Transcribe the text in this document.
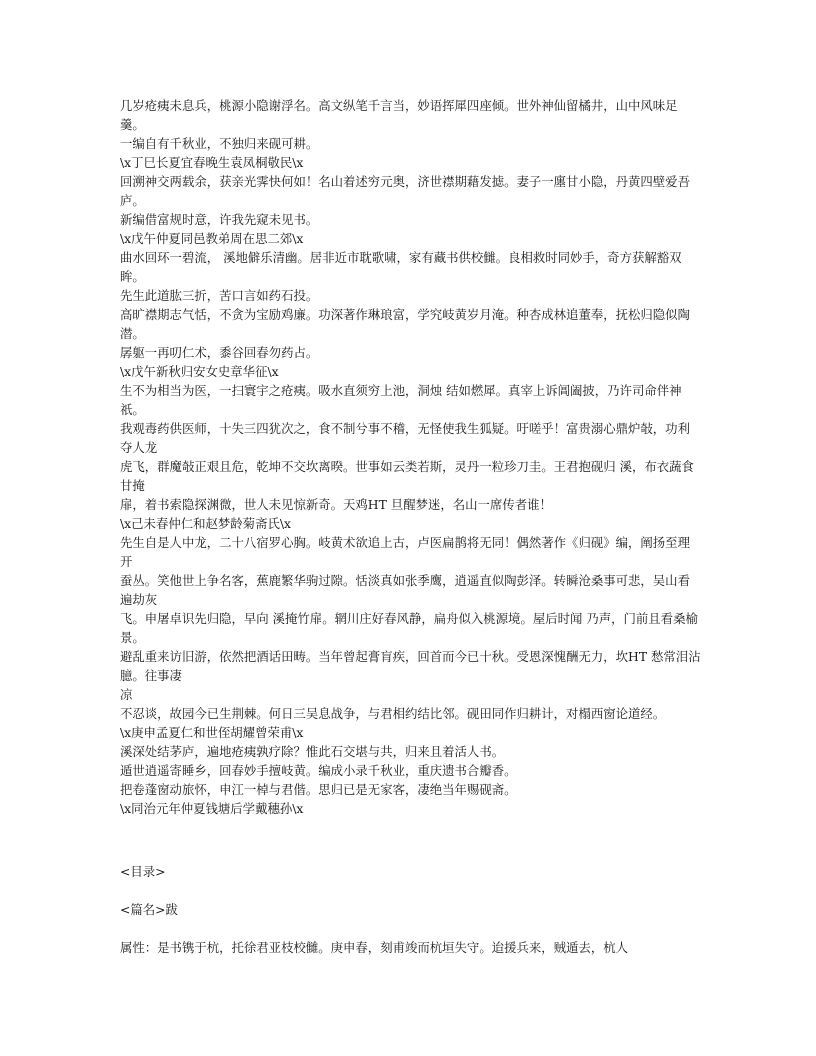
几岁疮痍未息兵，桃源小隐谢浮名。高文纵笔千言当，妙语挥犀四座倾。世外神仙留橘井，山中风味足 羹。

一编自有千秋业，不独归来砚可耕。

\x丁巳长夏宜春晚生袁凤桐敬民\x

回溯神交两载余，获亲光霁快何如！名山着述穷元奥，济世襟期藉发摅。妻子一廛甘小隐，丹黄四壁爱吾庐。

新编借富规时意，许我先窥未见书。

\x戊午仲夏同邑教弟周在思二郊\x

曲水回环一碧流， 溪地僻乐清幽。居非近市耽歌啸，家有藏书供校雠。良相救时同妙手，奇方获解豁双眸。

先生此道肱三折，苦口言如药石投。

高旷襟期志气恬，不贪为宝励鸡廉。功深著作琳琅富，学究岐黄岁月淹。种杏成林追董奉，抚松归隐似陶潜。

孱躯一再叨仁术，黍谷回春勿药占。

\x戊午新秋归安女史章华征\x

生不为相当为医，一扫寰宇之疮痍。吸水直须穷上池，洞烛 结如燃犀。真宰上诉阊阖披，乃许司命伴神祇。

我观毒药供医师，十失三四犹次之，食不制兮事不稽，无怪使我生狐疑。吁嗟乎！富贵溺心鼎炉敧，功利夺人龙

虎飞，群魔敧正艰且危，乾坤不交坎离暌。世事如云类若斯，灵丹一粒珍刀圭。王君抱砚归 溪，布衣蔬食甘掩

扉，着书索隐探渊微，世人未见惊新奇。天鸡HT 旦醒梦迷，名山一席传者谁！

\x己未春仲仁和赵梦龄菊斋氏\x

先生自是人中龙，二十八宿罗心胸。岐黄术欲追上古，卢医扁鹊将无同！偶然著作《归砚》编，阐扬至理开

蚕丛。笑他世上争名客，蕉鹿繁华驹过隙。恬淡真如张季鹰，逍遥直似陶彭泽。转瞬沧桑事可悲，吴山看遍劫灰

飞。申屠卓识先归隐，早向 溪掩竹扉。辋川庄好春风静，扁舟似入桃源境。屋后时闻 乃声，门前且看桑榆景。

避乱重来访旧游，依然把酒话田畴。当年曾起膏肓疾，回首而今已十秋。受恩深愧酬无力，坎HT 愁常泪沾臆。往事凄

凉

不忍谈，故园今已生荆棘。何日三吴息战争，与君相约结比邻。砚田同作归耕计，对榻西窗论道经。

\x庚申孟夏仁和世侄胡耀曾荣甫\x

溪深处结茅庐，遍地疮痍孰疗除？惟此石交堪与共，归来且着活人书。

遁世逍遥寄睡乡，回春妙手擅岐黄。编成小录千秋业，重庆遗书合瓣香。

把卷蓬窗动旅怀，申江一棹与君偕。思归已是无家客，凄绝当年赐砚斋。

\x同治元年仲夏钱塘后学戴穗孙\x

<目录>

<篇名>跋

属性：是书镌于杭，托徐君亚枝校雠。庚申春，刻甫竣而杭垣失守。迨援兵来，贼遁去，杭人
